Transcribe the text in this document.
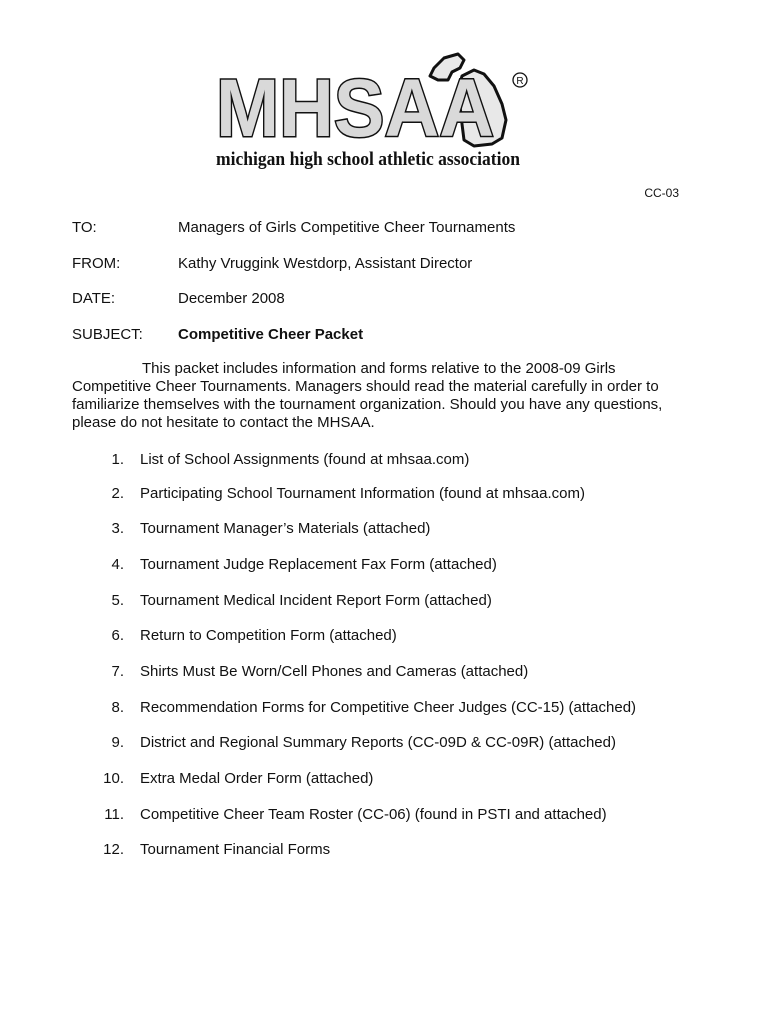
R
MHSAA
michigan high school athletic association
CC-03
TO:	Managers of Girls Competitive Cheer Tournaments
FROM:	Kathy Vruggink Westdorp, Assistant Director
DATE:	December 2008
SUBJECT: Competitive Cheer Packet
This packet includes information and forms relative to the 2008-09 Girls
Competitive Cheer Tournaments. Managers should read the material carefully in order to
familiarize themselves with the tournament organization. Should you have any questions,
please do not hesitate to contact the MHSAA.
1. List of School Assignments (found at mhsaa.com)
2. Participating School Tournament Information (found at mhsaa.com)
3. Tournament Manager’s Materials (attached)
4. Tournament Judge Replacement Fax Form (attached)
5. Tournament Medical Incident Report Form (attached)
6. Return to Competition Form (attached)
7. Shirts Must Be Worn/Cell Phones and Cameras (attached)
8. Recommendation Forms for Competitive Cheer Judges (CC-15) (attached)
9. District and Regional Summary Reports (CC-09D & CC-09R) (attached)
10. Extra Medal Order Form (attached)
11. Competitive Cheer Team Roster (CC-06) (found in PSTI and attached)
12. Tournament Financial Forms
